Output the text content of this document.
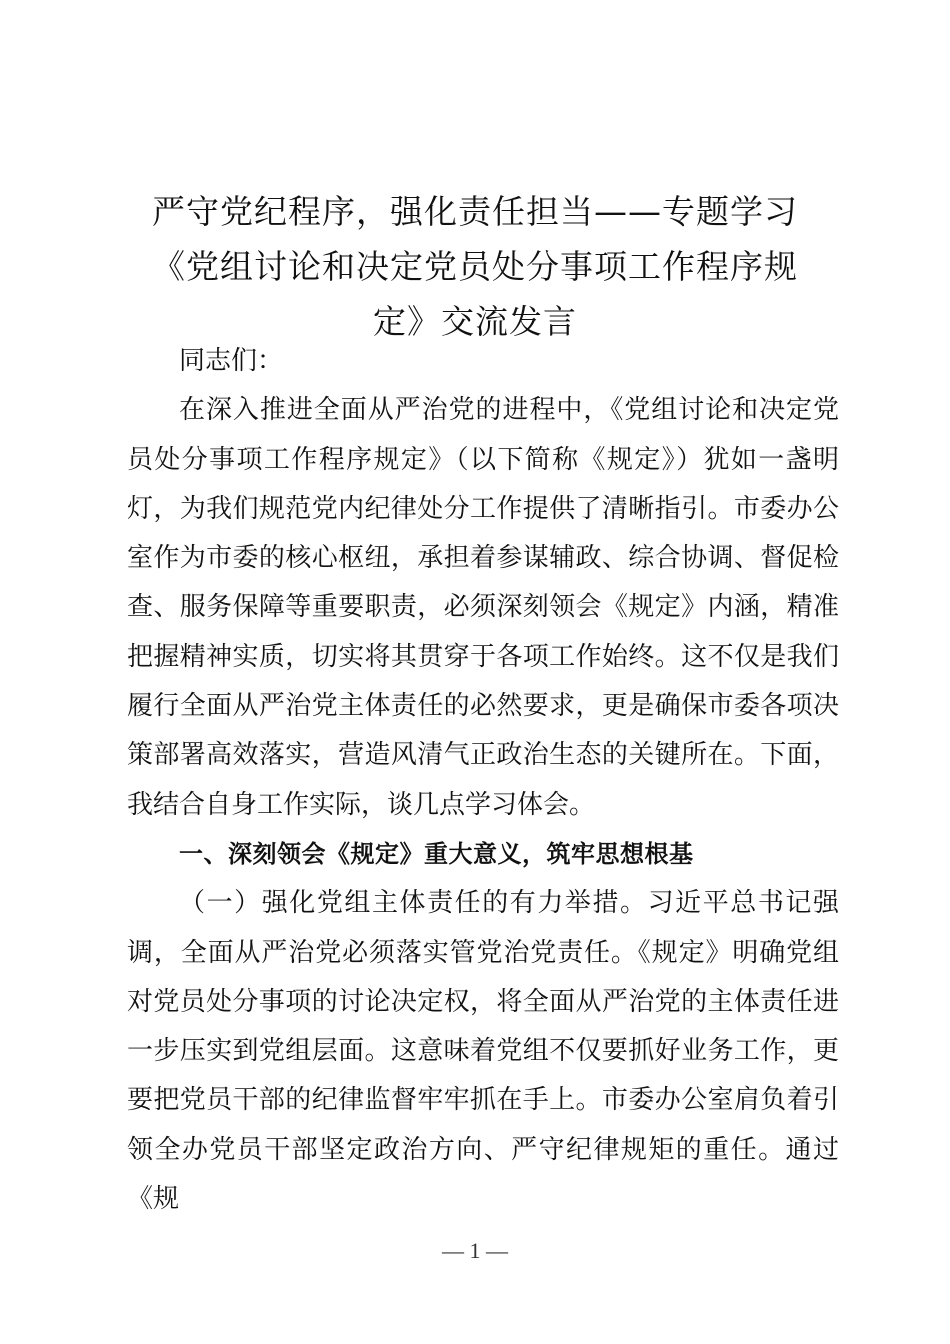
严守党纪程序，强化责任担当——专题学习
《党组讨论和决定党员处分事项工作程序规
定》交流发言

同志们：

在深入推进全面从严治党的进程中，《党组讨论和决定党员处分事项工作程序规定》（以下简称《规定》）犹如一盏明灯，为我们规范党内纪律处分工作提供了清晰指引。市委办公室作为市委的核心枢纽，承担着参谋辅政、综合协调、督促检查、服务保障等重要职责，必须深刻领会《规定》内涵，精准把握精神实质，切实将其贯穿于各项工作始终。这不仅是我们履行全面从严治党主体责任的必然要求，更是确保市委各项决策部署高效落实，营造风清气正政治生态的关键所在。下面，我结合自身工作实际，谈几点学习体会。

一、深刻领会《规定》重大意义，筑牢思想根基

（一）强化党组主体责任的有力举措。习近平总书记强调，全面从严治党必须落实管党治党责任。《规定》明确党组对党员处分事项的讨论决定权，将全面从严治党的主体责任进一步压实到党组层面。这意味着党组不仅要抓好业务工作，更要把党员干部的纪律监督牢牢抓在手上。市委办公室肩负着引领全办党员干部坚定政治方向、严守纪律规矩的重任。通过《规

— 1 —
